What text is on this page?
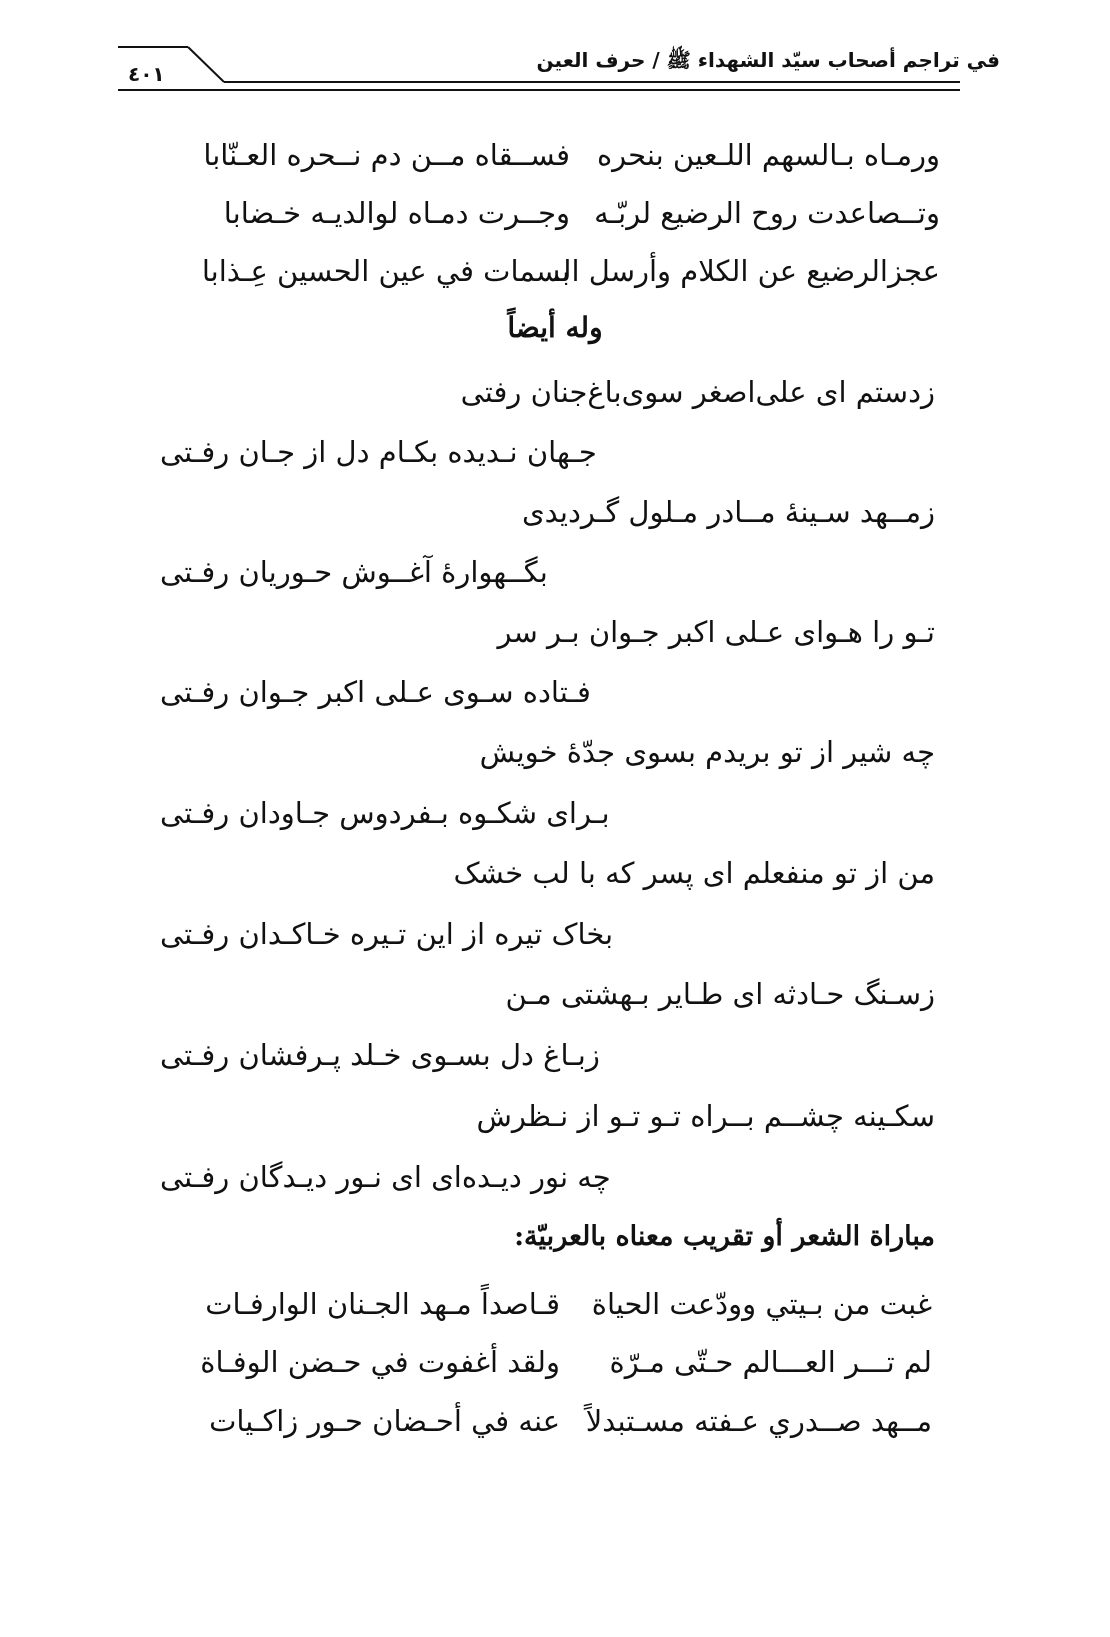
في تراجم أصحاب سيّد الشهداء ﷺ / حرف العين
٤٠١
ورمـاه بـالسهم اللـعين بنحره
فســقاه مــن دم نــحره العـنّابا
وتــصاعدت روح الرضيع لربّـه
وجــرت دمـاه لوالديـه خـضابا
عجزالرضيع عن الكلام وأرسل الـ
بسمات في عين الحسين عِـذابا
وله أيضاً
زدستم ای علی‌اصغر سوی‌باغ‌جنان رفتی
جـهان نـدیده بکـام دل از جـان رفـتی
زمــهد سـینهٔ مــادر مـلول گـردیدی
بگــهوارهٔ آغــوش حـوریان رفـتی
تـو را هـوای عـلی اکبر جـوان بـر سر
فـتاده سـوی عـلی اکبر جـوان رفـتی
چه شیر از تو بریدم بسوی جدّهٔ خویش
بـرای شکـوه بـفردوس جـاودان رفـتی
من از تو منفعلم ای پسر که با لب خشک
بخاک تیره از این تـیره خـاکـدان رفـتی
زسـنگ حـادثه ای طـایر بـهشتی مـن
زبـاغ دل بسـوی خـلد پـرفشان رفـتی
سکـینه چشــم بــراه تـو تـو از نـظرش
چه نور دیـده‌ای ای نـور دیـدگان رفـتی
مباراة الشعر أو تقريب معناه بالعربيّة:
غبت من بـيتي وودّعت الحياة
قـاصداً مـهد الجـنان الوارفـات
لم تـــر العـــالم حـتّى مـرّة
ولقد أغفوت في حـضن الوفـاة
مــهد صــدري عـفته مسـتبدلاً
عنه في أحـضان حـور زاكـيات
